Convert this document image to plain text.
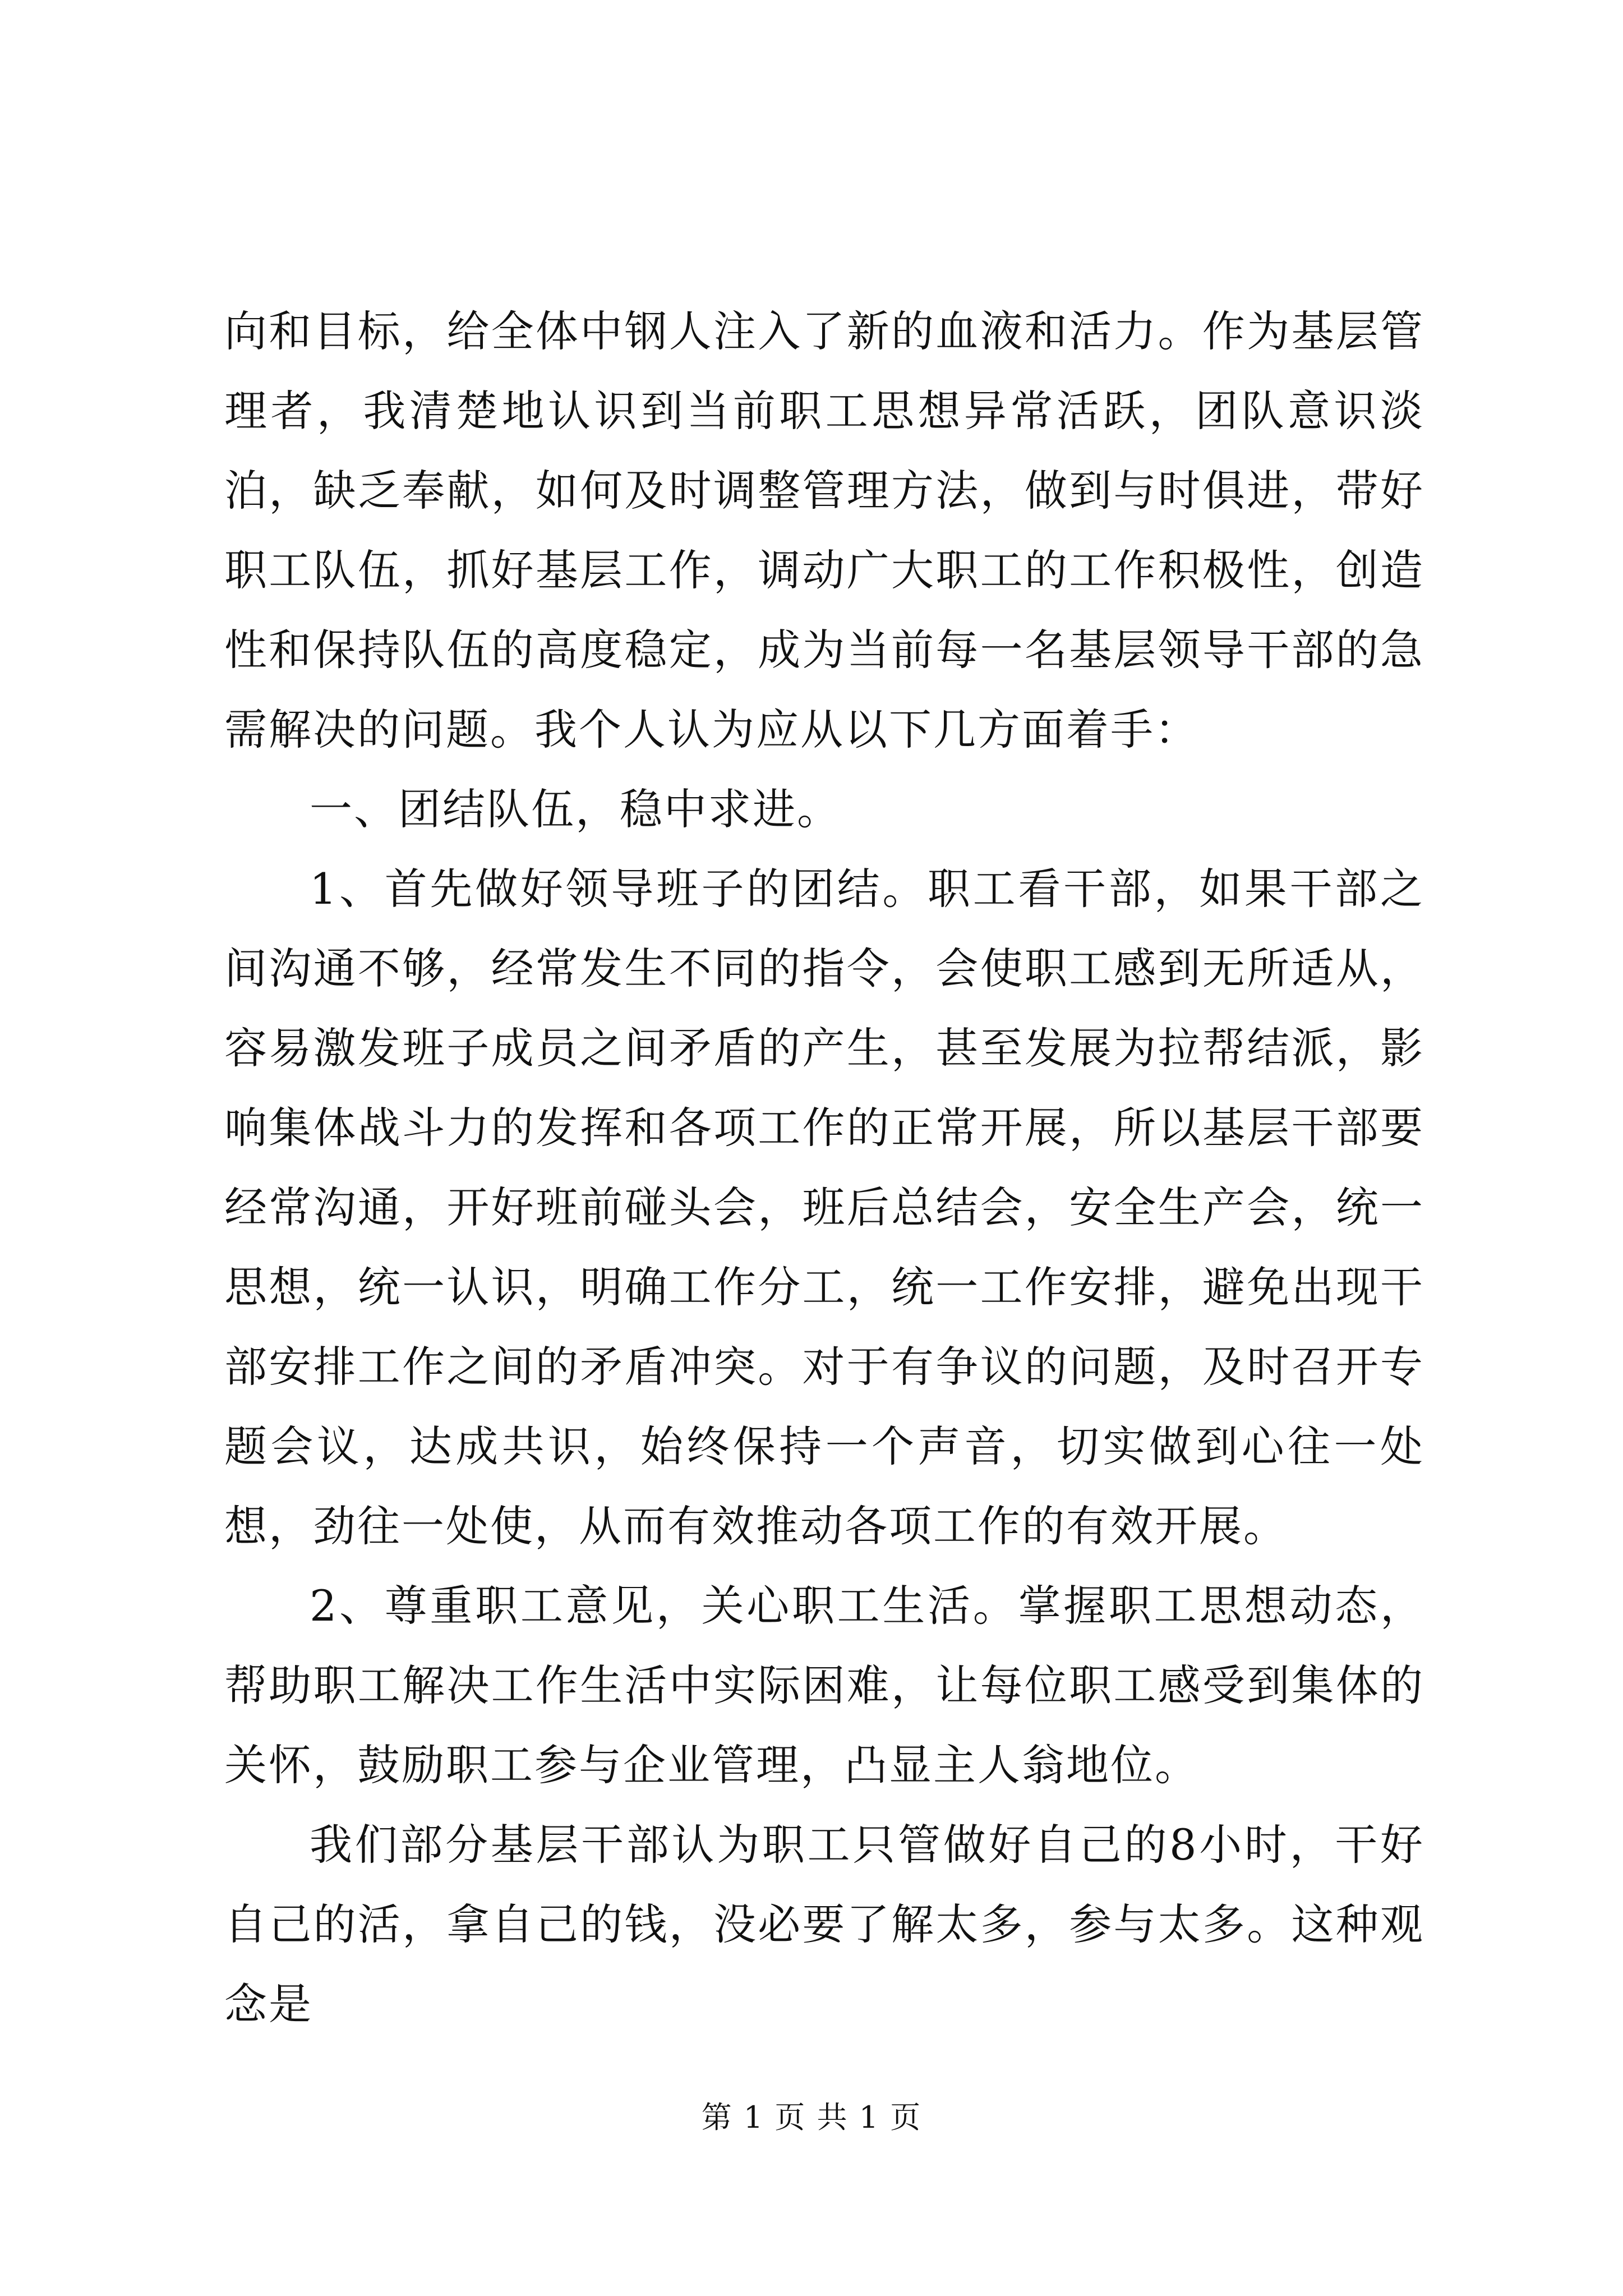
向和目标，给全体中钢人注入了新的血液和活力。作为基层管理者，我清楚地认识到当前职工思想异常活跃，团队意识淡泊，缺乏奉献，如何及时调整管理方法，做到与时俱进，带好职工队伍，抓好基层工作，调动广大职工的工作积极性，创造性和保持队伍的高度稳定，成为当前每一名基层领导干部的急需解决的问题。我个人认为应从以下几方面着手：

一、团结队伍，稳中求进。

1、首先做好领导班子的团结。职工看干部，如果干部之间沟通不够，经常发生不同的指令，会使职工感到无所适从，容易激发班子成员之间矛盾的产生，甚至发展为拉帮结派，影响集体战斗力的发挥和各项工作的正常开展，所以基层干部要经常沟通，开好班前碰头会，班后总结会，安全生产会，统一思想，统一认识，明确工作分工，统一工作安排，避免出现干部安排工作之间的矛盾冲突。对于有争议的问题，及时召开专题会议，达成共识，始终保持一个声音，切实做到心往一处想，劲往一处使，从而有效推动各项工作的有效开展。

2、尊重职工意见，关心职工生活。掌握职工思想动态，帮助职工解决工作生活中实际困难，让每位职工感受到集体的关怀，鼓励职工参与企业管理，凸显主人翁地位。

我们部分基层干部认为职工只管做好自己的8小时，干好自己的活，拿自己的钱，没必要了解太多，参与太多。这种观念是

第 1 页 共 1 页
